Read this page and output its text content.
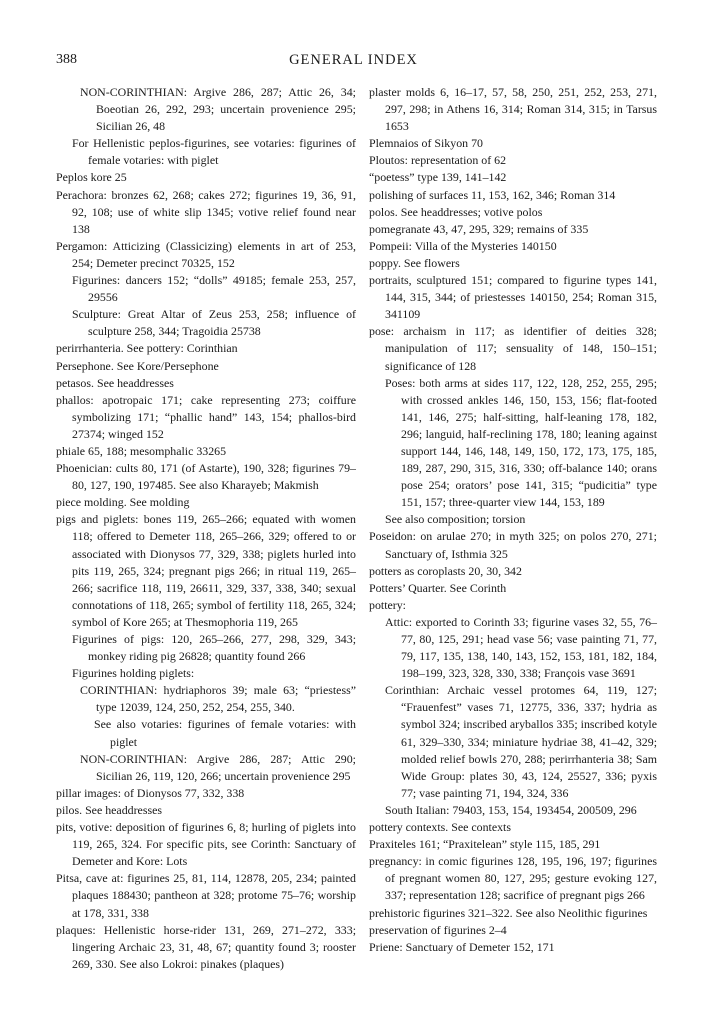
388	GENERAL INDEX
NON-CORINTHIAN: Argive 286, 287; Attic 26, 34; Boeotian 26, 292, 293; uncertain provenience 295; Sicilian 26, 48
For Hellenistic peplos-figurines, see votaries: figurines of female votaries: with piglet
Peplos kore 25
Perachora: bronzes 62, 268; cakes 272; figurines 19, 36, 91, 92, 108; use of white slip 1345; votive relief found near 138
Pergamon: Atticizing (Classicizing) elements in art of 253, 254; Demeter precinct 70325, 152
Figurines: dancers 152; “dolls” 49185; female 253, 257, 29556
Sculpture: Great Altar of Zeus 253, 258; influence of sculpture 258, 344; Tragoidia 25738
perirrhanteria. See pottery: Corinthian
Persephone. See Kore/Persephone
petasos. See headdresses
phallos: apotropaic 171; cake representing 273; coiffure symbolizing 171; “phallic hand” 143, 154; phallos-bird 27374; winged 152
phiale 65, 188; mesomphalic 33265
Phoenician: cults 80, 171 (of Astarte), 190, 328; figurines 79–80, 127, 190, 197485. See also Kharayeb; Makmish
piece molding. See molding
pigs and piglets: bones 119, 265–266; equated with women 118; offered to Demeter 118, 265–266, 329; offered to or associated with Dionysos 77, 329, 338; piglets hurled into pits 119, 265, 324; pregnant pigs 266; in ritual 119, 265–266; sacrifice 118, 119, 26611, 329, 337, 338, 340; sexual connotations of 118, 265; symbol of fertility 118, 265, 324; symbol of Kore 265; at Thesmophoria 119, 265
Figurines of pigs: 120, 265–266, 277, 298, 329, 343; monkey riding pig 26828; quantity found 266
Figurines holding piglets:
CORINTHIAN: hydriaphoros 39; male 63; “priestess” type 12039, 124, 250, 252, 254, 255, 340.
See also votaries: figurines of female votaries: with piglet
NON-CORINTHIAN: Argive 286, 287; Attic 290; Sicilian 26, 119, 120, 266; uncertain provenience 295
pillar images: of Dionysos 77, 332, 338
pilos. See headdresses
pits, votive: deposition of figurines 6, 8; hurling of piglets into 119, 265, 324. For specific pits, see Corinth: Sanctuary of Demeter and Kore: Lots
Pitsa, cave at: figurines 25, 81, 114, 12878, 205, 234; painted plaques 188430; pantheon at 328; protome 75–76; worship at 178, 331, 338
plaques: Hellenistic horse-rider 131, 269, 271–272, 333; lingering Archaic 23, 31, 48, 67; quantity found 3; rooster 269, 330. See also Lokroi: pinakes (plaques)
plaster molds 6, 16–17, 57, 58, 250, 251, 252, 253, 271, 297, 298; in Athens 16, 314; Roman 314, 315; in Tarsus 1653
Plemnaios of Sikyon 70
Ploutos: representation of 62
“poetess” type 139, 141–142
polishing of surfaces 11, 153, 162, 346; Roman 314
polos. See headdresses; votive polos
pomegranate 43, 47, 295, 329; remains of 335
Pompeii: Villa of the Mysteries 140150
poppy. See flowers
portraits, sculptured 151; compared to figurine types 141, 144, 315, 344; of priestesses 140150, 254; Roman 315, 341109
pose: archaism in 117; as identifier of deities 328; manipulation of 117; sensuality of 148, 150–151; significance of 128
Poses: both arms at sides 117, 122, 128, 252, 255, 295; with crossed ankles 146, 150, 153, 156; flat-footed 141, 146, 275; half-sitting, half-leaning 178, 182, 296; languid, half-reclining 178, 180; leaning against support 144, 146, 148, 149, 150, 172, 173, 175, 185, 189, 287, 290, 315, 316, 330; off-balance 140; orans pose 254; orators’ pose 141, 315; “pudicitia” type 151, 157; three-quarter view 144, 153, 189
See also composition; torsion
Poseidon: on arulae 270; in myth 325; on polos 270, 271; Sanctuary of, Isthmia 325
potters as coroplasts 20, 30, 342
Potters’ Quarter. See Corinth
pottery:
Attic: exported to Corinth 33; figurine vases 32, 55, 76–77, 80, 125, 291; head vase 56; vase painting 71, 77, 79, 117, 135, 138, 140, 143, 152, 153, 181, 182, 184, 198–199, 323, 328, 330, 338; François vase 3691
Corinthian: Archaic vessel protomes 64, 119, 127; “Frauenfest” vases 71, 12775, 336, 337; hydria as symbol 324; inscribed aryballos 335; inscribed kotyle 61, 329–330, 334; miniature hydriae 38, 41–42, 329; molded relief bowls 270, 288; perirrhanteria 38; Sam Wide Group: plates 30, 43, 124, 25527, 336; pyxis 77; vase painting 71, 194, 324, 336
South Italian: 79403, 153, 154, 193454, 200509, 296
pottery contexts. See contexts
Praxiteles 161; “Praxitelean” style 115, 185, 291
pregnancy: in comic figurines 128, 195, 196, 197; figurines of pregnant women 80, 127, 295; gesture evoking 127, 337; representation 128; sacrifice of pregnant pigs 266
prehistoric figurines 321–322. See also Neolithic figurines
preservation of figurines 2–4
Priene: Sanctuary of Demeter 152, 171
